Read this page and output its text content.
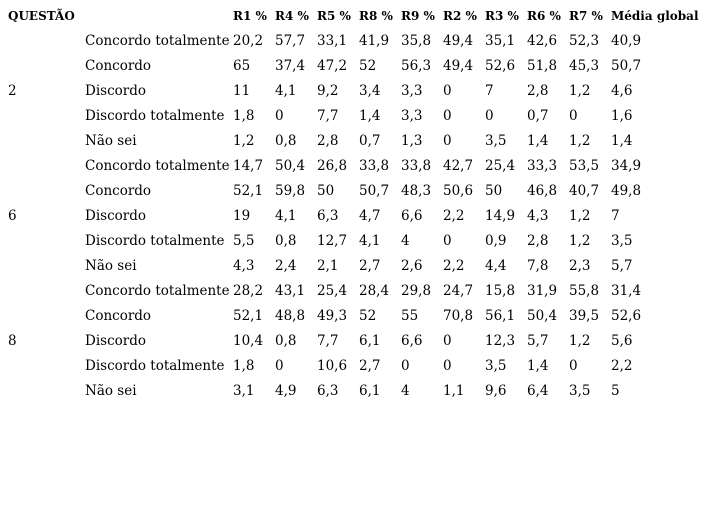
QUESTÃO		R1 %	R4 %	R5 %	R8 %	R9 %	R2 %	R3 %	R6 %	R7 %	Média global
	Concordo totalmente	20,2	57,7	33,1	41,9	35,8	49,4	35,1	42,6	52,3	40,9
	Concordo	65	37,4	47,2	52	56,3	49,4	52,6	51,8	45,3	50,7
2	Discordo	11	4,1	9,2	3,4	3,3	0	7	2,8	1,2	4,6
	Discordo totalmente	1,8	0	7,7	1,4	3,3	0	0	0,7	0	1,6
	Não sei	1,2	0,8	2,8	0,7	1,3	0	3,5	1,4	1,2	1,4
	Concordo totalmente	14,7	50,4	26,8	33,8	33,8	42,7	25,4	33,3	53,5	34,9
	Concordo	52,1	59,8	50	50,7	48,3	50,6	50	46,8	40,7	49,8
6	Discordo	19	4,1	6,3	4,7	6,6	2,2	14,9	4,3	1,2	7
	Discordo totalmente	5,5	0,8	12,7	4,1	4	0	0,9	2,8	1,2	3,5
	Não sei	4,3	2,4	2,1	2,7	2,6	2,2	4,4	7,8	2,3	5,7
	Concordo totalmente	28,2	43,1	25,4	28,4	29,8	24,7	15,8	31,9	55,8	31,4
	Concordo	52,1	48,8	49,3	52	55	70,8	56,1	50,4	39,5	52,6
8	Discordo	10,4	0,8	7,7	6,1	6,6	0	12,3	5,7	1,2	5,6
	Discordo totalmente	1,8	0	10,6	2,7	0	0	3,5	1,4	0	2,2
	Não sei	3,1	4,9	6,3	6,1	4	1,1	9,6	6,4	3,5	5
